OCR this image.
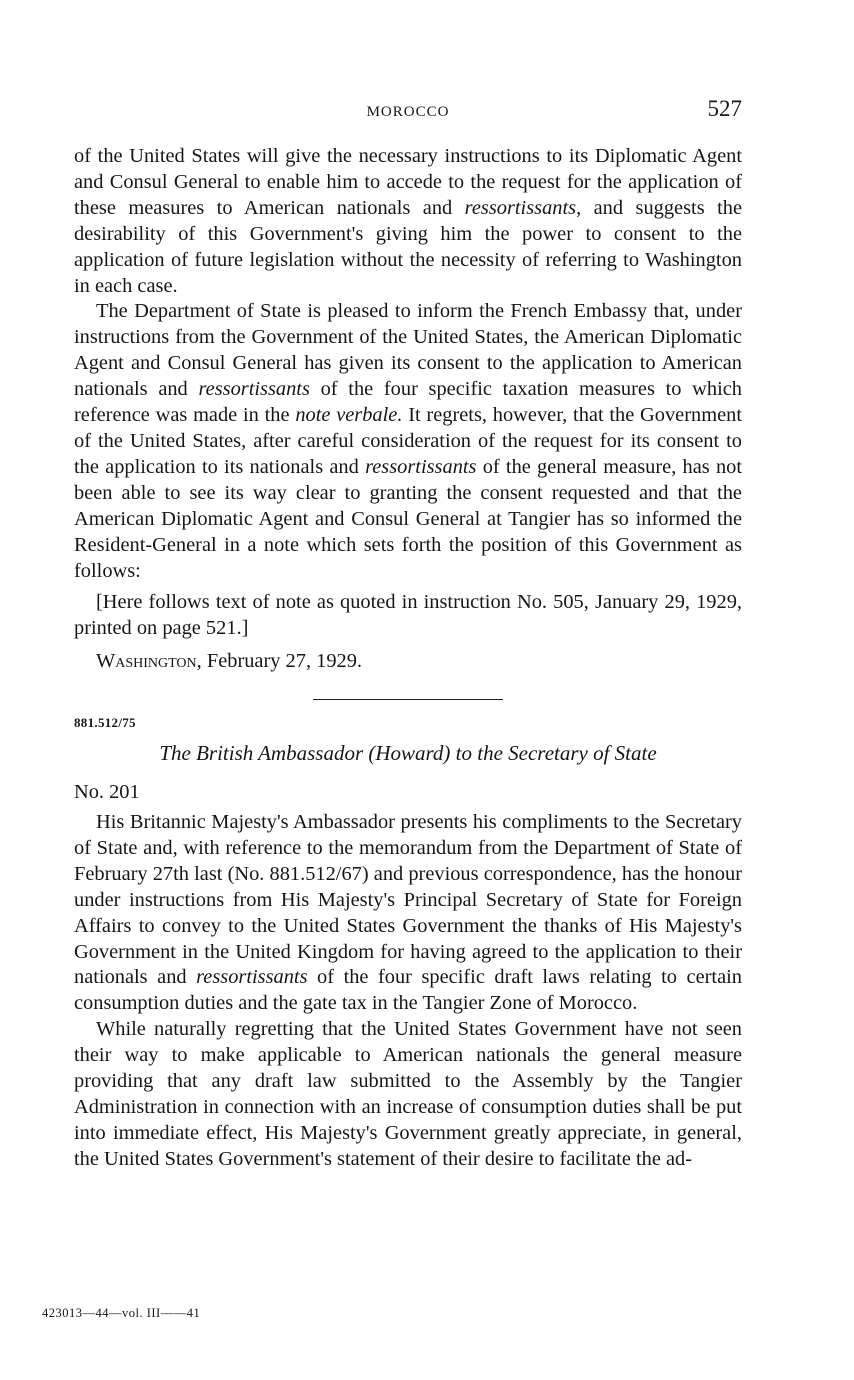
MOROCCO	527

of the United States will give the necessary instructions to its Diplomatic Agent and Consul General to enable him to accede to the request for the application of these measures to American nationals and ressortissants, and suggests the desirability of this Government's giving him the power to consent to the application of future legislation without the necessity of referring to Washington in each case.

The Department of State is pleased to inform the French Embassy that, under instructions from the Government of the United States, the American Diplomatic Agent and Consul General has given its consent to the application to American nationals and ressortissants of the four specific taxation measures to which reference was made in the note verbale. It regrets, however, that the Government of the United States, after careful consideration of the request for its consent to the application to its nationals and ressortissants of the general measure, has not been able to see its way clear to granting the consent requested and that the American Diplomatic Agent and Consul General at Tangier has so informed the Resident-General in a note which sets forth the position of this Government as follows:

[Here follows text of note as quoted in instruction No. 505, January 29, 1929, printed on page 521.]

Washington, February 27, 1929.

881.512/75
The British Ambassador (Howard) to the Secretary of State
No. 201

His Britannic Majesty's Ambassador presents his compliments to the Secretary of State and, with reference to the memorandum from the Department of State of February 27th last (No. 881.512/67) and previous correspondence, has the honour under instructions from His Majesty's Principal Secretary of State for Foreign Affairs to convey to the United States Government the thanks of His Majesty's Government in the United Kingdom for having agreed to the application to their nationals and ressortissants of the four specific draft laws relating to certain consumption duties and the gate tax in the Tangier Zone of Morocco.

While naturally regretting that the United States Government have not seen their way to make applicable to American nationals the general measure providing that any draft law submitted to the Assembly by the Tangier Administration in connection with an increase of consumption duties shall be put into immediate effect, His Majesty's Government greatly appreciate, in general, the United States Government's statement of their desire to facilitate the ad-

423013—44—vol. III——41
